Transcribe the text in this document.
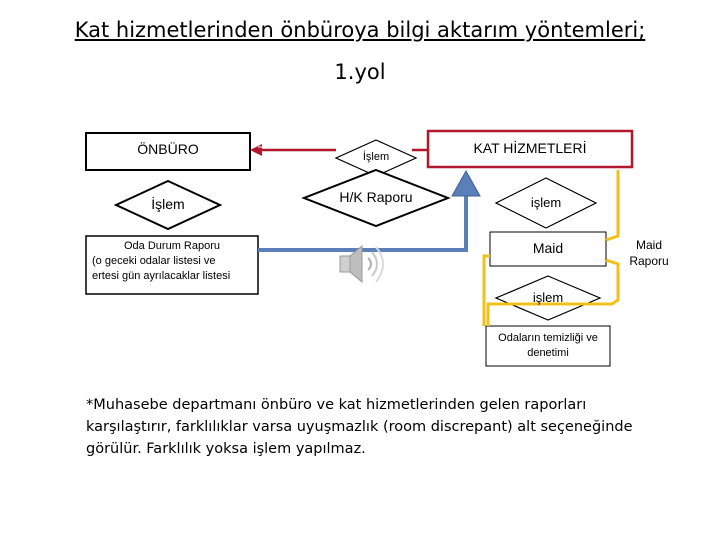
Kat hizmetlerinden önbüroya bilgi aktarım yöntemleri;
1.yol
ÖNBÜRO
İşlem
Oda Durum Raporu
(o geceki odalar listesi ve
ertesi gün ayrılacaklar listesi
İşlem
H/K Raporu
KAT HİZMETLERİ
işlem
Maid	Maid
Raporu
işlem
Odaların temizliği ve
denetimi
*Muhasebe departmanı önbüro ve kat hizmetlerinden gelen raporları karşılaştırır, farklılıklar varsa uyuşmazlık (room discrepant) alt seçeneğinde görülür. Farklılık yoksa işlem yapılmaz.
